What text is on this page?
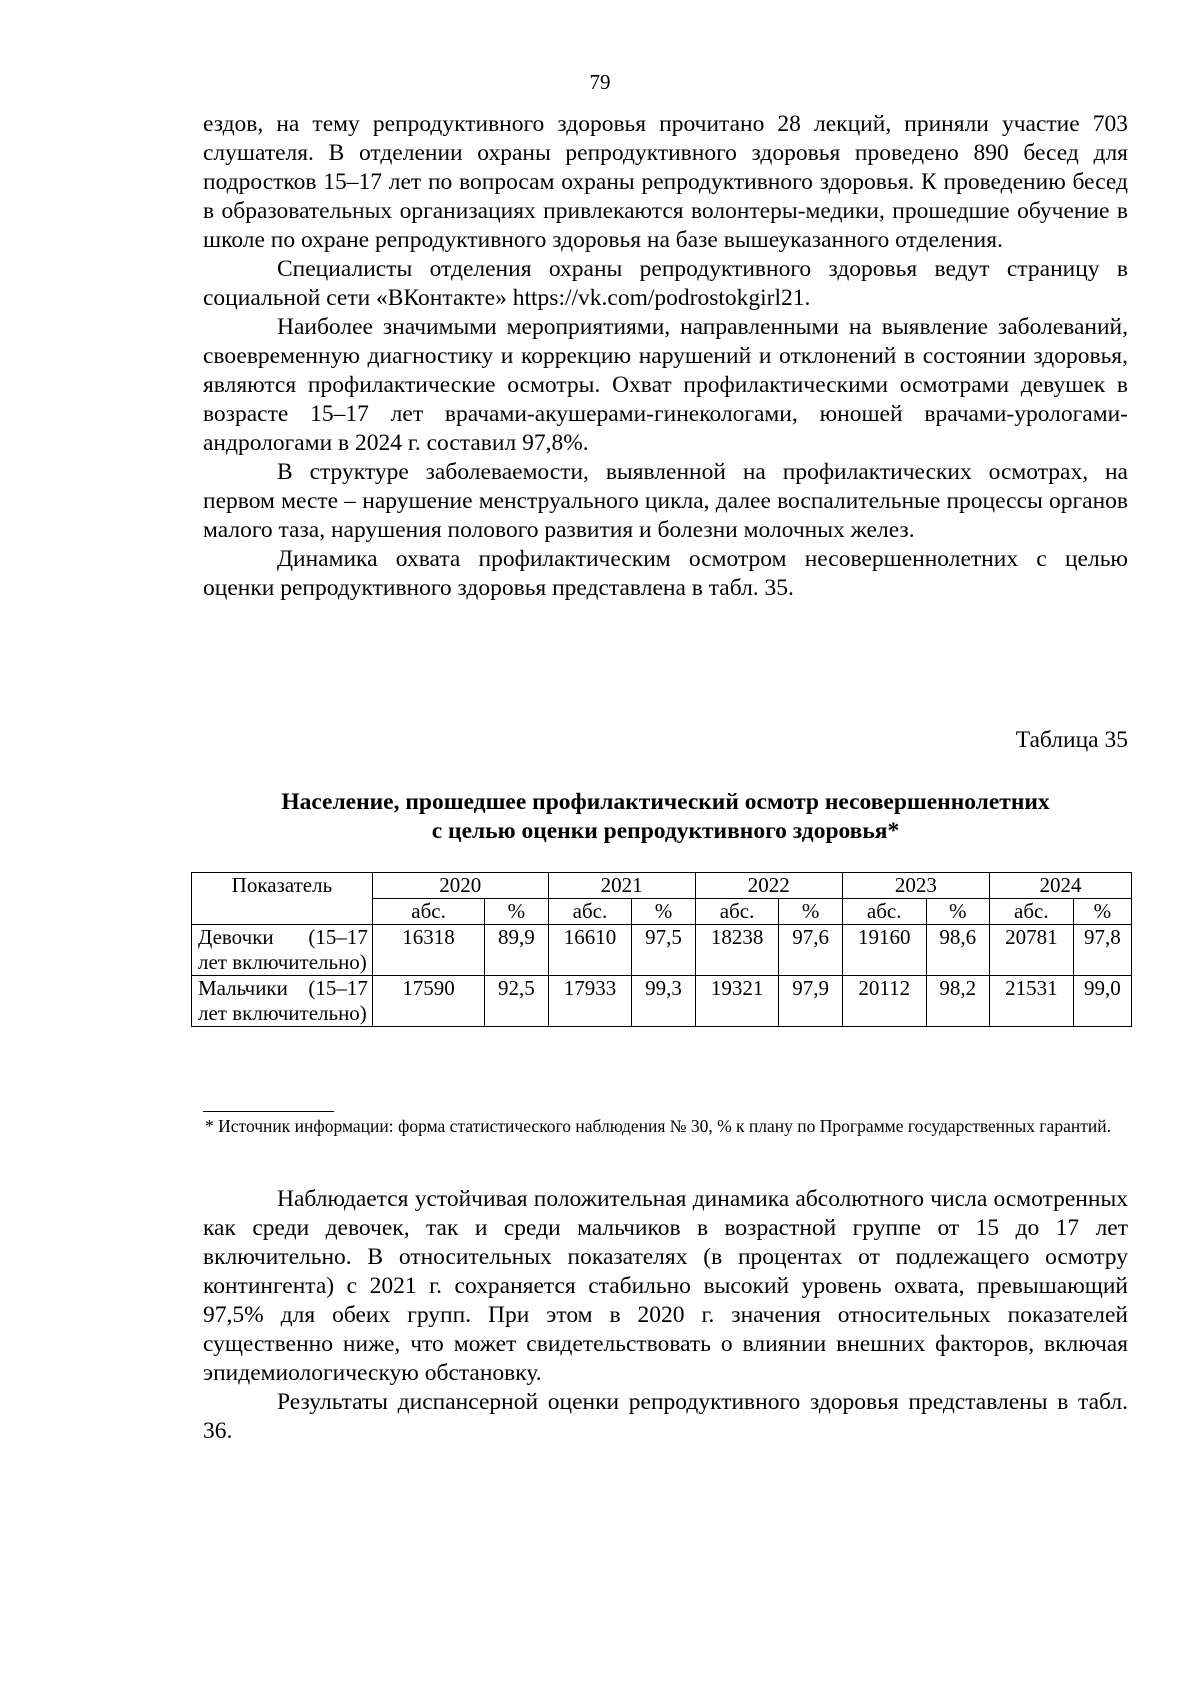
79

ездов, на тему репродуктивного здоровья прочитано 28 лекций, приняли участие 703 слушателя. В отделении охраны репродуктивного здоровья проведено 890 бесед для подростков 15–17 лет по вопросам охраны репродуктивного здоровья. К проведению бесед в образовательных организациях привлекаются волонтеры-медики, прошедшие обучение в школе по охране репродуктивного здоровья на базе вышеуказанного отделения.

Специалисты отделения охраны репродуктивного здоровья ведут страницу в социальной сети «ВКонтакте» https://vk.com/podrostokgirl21.

Наиболее значимыми мероприятиями, направленными на выявление заболеваний, своевременную диагностику и коррекцию нарушений и отклонений в состоянии здоровья, являются профилактические осмотры. Охват профилактическими осмотрами девушек в возрасте 15–17 лет врачами-акушерами-гинекологами, юношей врачами-урологами-андрологами в 2024 г. составил 97,8%.

В структуре заболеваемости, выявленной на профилактических осмотрах, на первом месте – нарушение менструального цикла, далее воспалительные процессы органов малого таза, нарушения полового развития и болезни молочных желез.

Динамика охвата профилактическим осмотром несовершеннолетних с целью оценки репродуктивного здоровья представлена в табл. 35.

Таблица 35
Население, прошедшее профилактический осмотр несовершеннолетних
с целью оценки репродуктивного здоровья*
Показатель	2020		2021		2022		2023		2024	
	абс.	%	абс.	%	абс.	%	абс.	%	абс.	%
Девочки (15–17 лет включительно)	16318	89,9	16610	97,5	18238	97,6	19160	98,6	20781	97,8
Мальчики (15–17 лет включительно)	17590	92,5	17933	99,3	19321	97,9	20112	98,2	21531	99,0
* Источник информации: форма статистического наблюдения № 30, % к плану по Программе государственных гарантий.

Наблюдается устойчивая положительная динамика абсолютного числа осмотренных как среди девочек, так и среди мальчиков в возрастной группе от 15 до 17 лет включительно. В относительных показателях (в процентах от подлежащего осмотру контингента) с 2021 г. сохраняется стабильно высокий уровень охвата, превышающий 97,5% для обеих групп. При этом в 2020 г. значения относительных показателей существенно ниже, что может свидетельствовать о влиянии внешних факторов, включая эпидемиологическую обстановку.

Результаты диспансерной оценки репродуктивного здоровья представлены в табл. 36.
